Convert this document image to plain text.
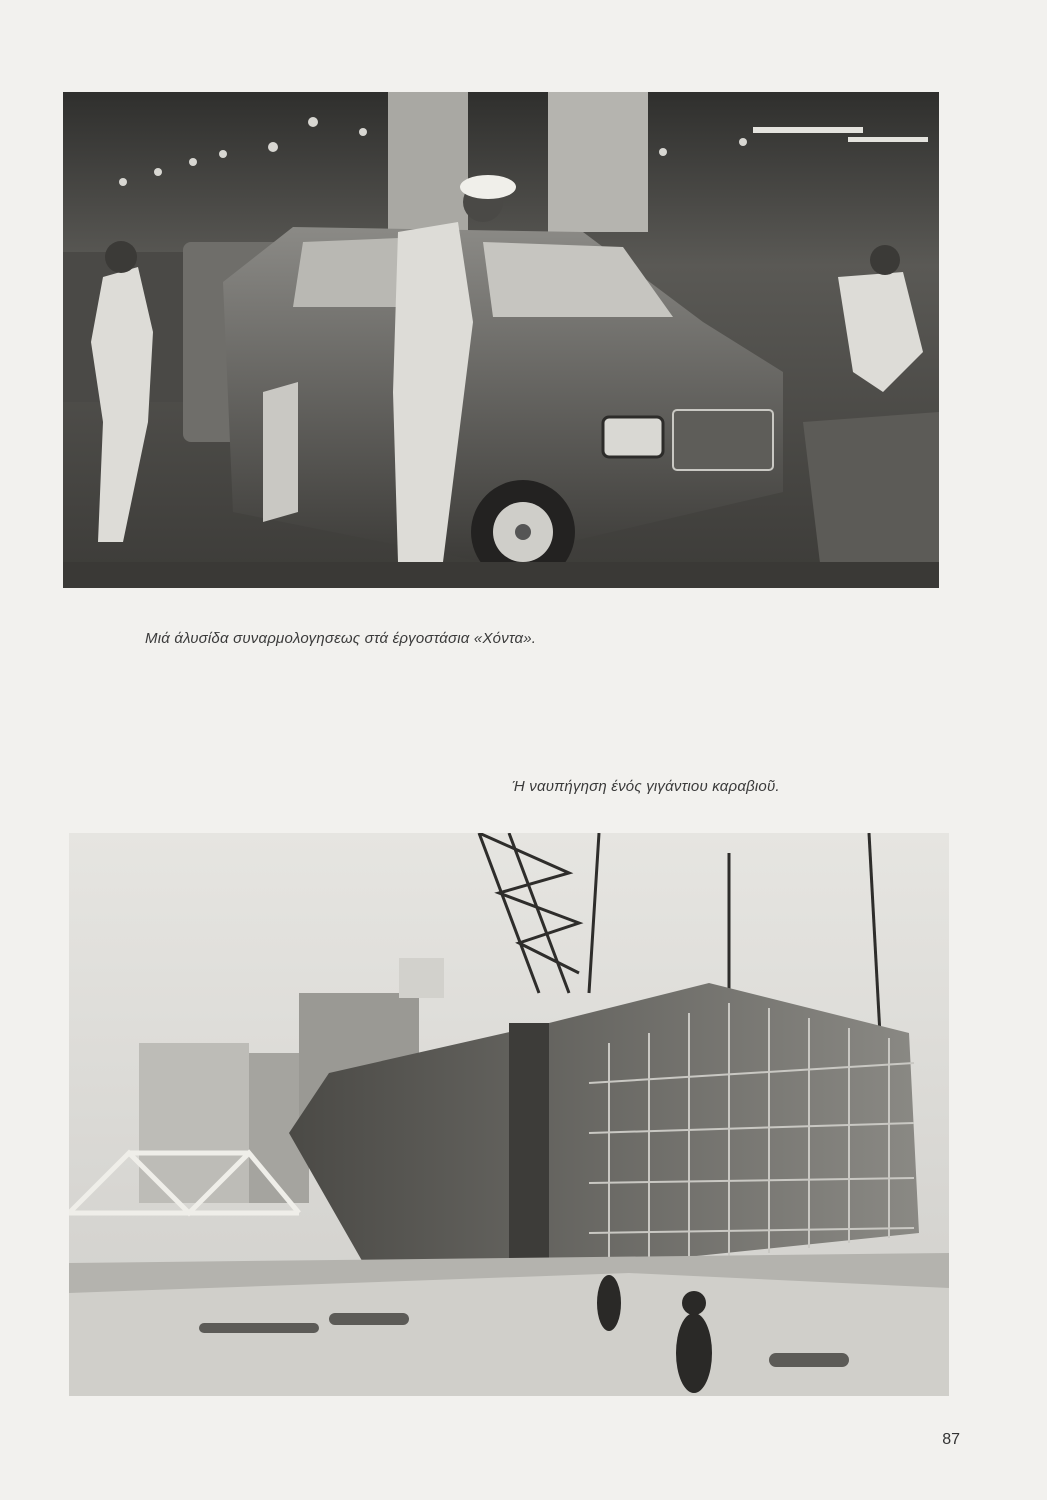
Μιά άλυσίδα συναρμολογησεως στά έργοστάσια «Χόντα».
Ή ναυπήγηση ένός γιγάντιου καραβιοῦ.
87
